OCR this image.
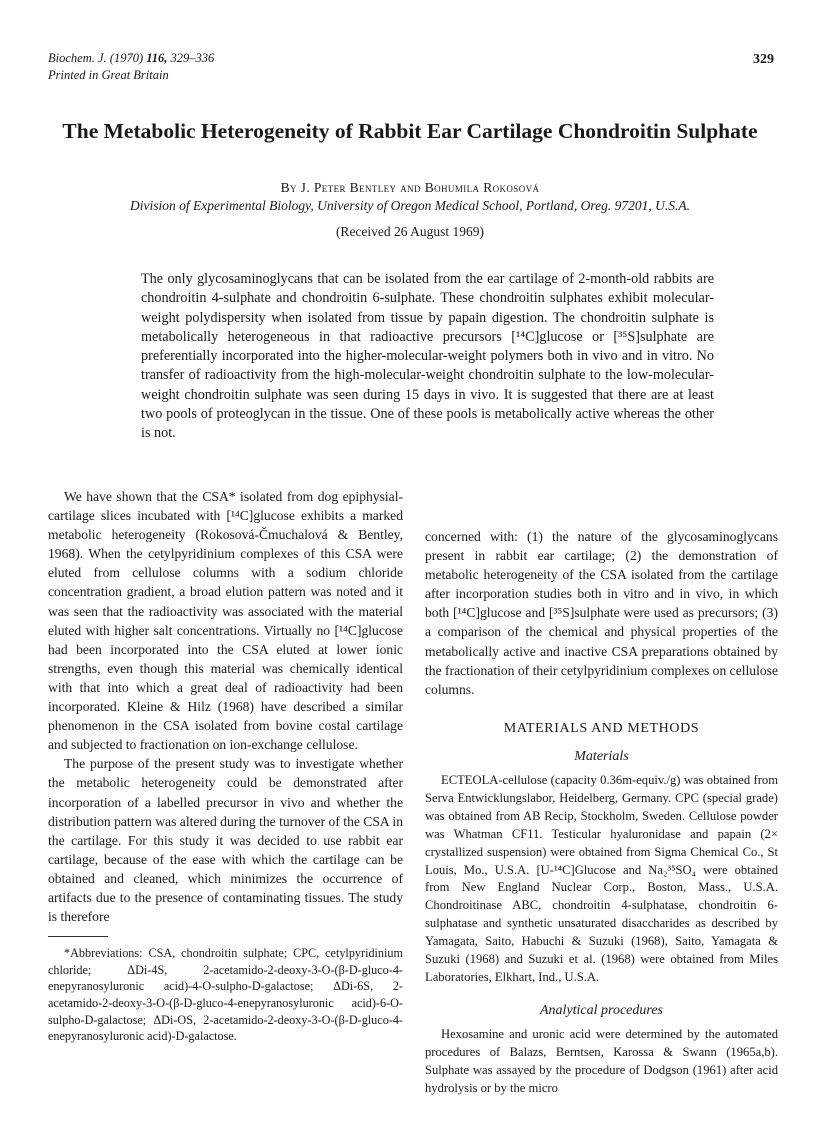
Biochem. J. (1970) 116, 329–336
Printed in Great Britain
329
The Metabolic Heterogeneity of Rabbit Ear Cartilage Chondroitin Sulphate
By J. Peter Bentley and Bohumila Rokosová
Division of Experimental Biology, University of Oregon Medical School, Portland, Oreg. 97201, U.S.A.
(Received 26 August 1969)
The only glycosaminoglycans that can be isolated from the ear cartilage of 2-month-old rabbits are chondroitin 4-sulphate and chondroitin 6-sulphate. These chondroitin sulphates exhibit molecular-weight polydispersity when isolated from tissue by papain digestion. The chondroitin sulphate is metabolically heterogeneous in that radioactive precursors [¹⁴C]glucose or [³⁵S]sulphate are preferentially incorporated into the higher-molecular-weight polymers both in vivo and in vitro. No transfer of radioactivity from the high-molecular-weight chondroitin sulphate to the low-molecular-weight chondroitin sulphate was seen during 15 days in vivo. It is suggested that there are at least two pools of proteoglycan in the tissue. One of these pools is metabolically active whereas the other is not.

We have shown that the CSA* isolated from dog epiphysial-cartilage slices incubated with [¹⁴C]glucose exhibits a marked metabolic heterogeneity (Rokosová-Čmuchalová & Bentley, 1968). When the cetylpyridinium complexes of this CSA were eluted from cellulose columns with a sodium chloride concentration gradient, a broad elution pattern was noted and it was seen that the radioactivity was associated with the material eluted with higher salt concentrations. Virtually no [¹⁴C]glucose had been incorporated into the CSA eluted at lower ionic strengths, even though this material was chemically identical with that into which a great deal of radioactivity had been incorporated. Kleine & Hilz (1968) have described a similar phenomenon in the CSA isolated from bovine costal cartilage and subjected to fractionation on ion-exchange cellulose.

The purpose of the present study was to investigate whether the metabolic heterogeneity could be demonstrated after incorporation of a labelled precursor in vivo and whether the distribution pattern was altered during the turnover of the CSA in the cartilage. For this study it was decided to use rabbit ear cartilage, because of the ease with which the cartilage can be obtained and cleaned, which minimizes the occurrence of artifacts due to the presence of contaminating tissues. The study is therefore

*Abbreviations: CSA, chondroitin sulphate; CPC, cetylpyridinium chloride; ΔDi-4S, 2-acetamido-2-deoxy-3-O-(β-D-gluco-4-enepyranosyluronic acid)-4-O-sulpho-D-galactose; ΔDi-6S, 2-acetamido-2-deoxy-3-O-(β-D-gluco-4-enepyranosyluronic acid)-6-O-sulpho-D-galactose; ΔDi-OS, 2-acetamido-2-deoxy-3-O-(β-D-gluco-4-enepyranosyluronic acid)-D-galactose.

concerned with: (1) the nature of the glycosaminoglycans present in rabbit ear cartilage; (2) the demonstration of metabolic heterogeneity of the CSA isolated from the cartilage after incorporation studies both in vitro and in vivo, in which both [¹⁴C]glucose and [³⁵S]sulphate were used as precursors; (3) a comparison of the chemical and physical properties of the metabolically active and inactive CSA preparations obtained by the fractionation of their cetylpyridinium complexes on cellulose columns.

MATERIALS AND METHODS
Materials

ECTEOLA-cellulose (capacity 0.36m-equiv./g) was obtained from Serva Entwicklungslabor, Heidelberg, Germany. CPC (special grade) was obtained from AB Recip, Stockholm, Sweden. Cellulose powder was Whatman CF11. Testicular hyaluronidase and papain (2× crystallized suspension) were obtained from Sigma Chemical Co., St Louis, Mo., U.S.A. [U-¹⁴C]Glucose and Na₂³⁵SO₄ were obtained from New England Nuclear Corp., Boston, Mass., U.S.A. Chondroitinase ABC, chondroitin 4-sulphatase, chondroitin 6-sulphatase and synthetic unsaturated disaccharides as described by Yamagata, Saito, Habuchi & Suzuki (1968), Saito, Yamagata & Suzuki (1968) and Suzuki et al. (1968) were obtained from Miles Laboratories, Elkhart, Ind., U.S.A.

Analytical procedures

Hexosamine and uronic acid were determined by the automated procedures of Balazs, Berntsen, Karossa & Swann (1965a,b). Sulphate was assayed by the procedure of Dodgson (1961) after acid hydrolysis or by the micro
